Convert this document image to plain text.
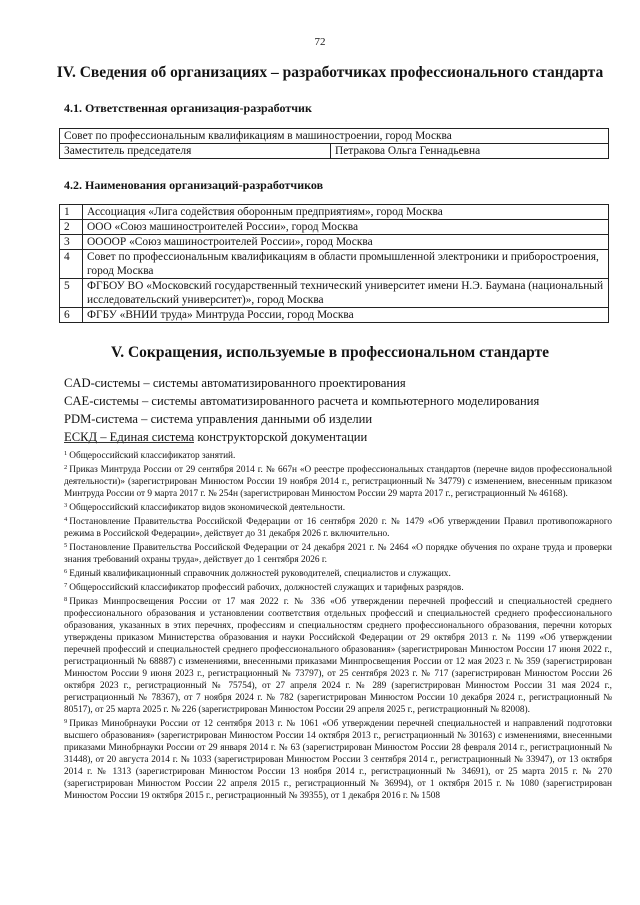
72
IV. Сведения об организациях – разработчиках профессионального стандарта
4.1. Ответственная организация-разработчик
Совет по профессиональным квалификациям в машиностроении, город Москва
Заместитель председателя	Петракова Ольга Геннадьевна
4.2. Наименования организаций-разработчиков
1	Ассоциация «Лига содействия оборонным предприятиям», город Москва
2	ООО «Союз машиностроителей России», город Москва
3	ООООР «Союз машиностроителей России», город Москва
4	Совет по профессиональным квалификациям в области промышленной электроники и приборостроения, город Москва
5	ФГБОУ ВО «Московский государственный технический университет имени Н.Э. Баумана (национальный исследовательский университет)», город Москва
6	ФГБУ «ВНИИ труда» Минтруда России, город Москва
V. Сокращения, используемые в профессиональном стандарте
CAD-системы – системы автоматизированного проектирования
CAE-системы – системы автоматизированного расчета и компьютерного моделирования
PDM-система – система управления данными об изделии
ЕСКД – Единая система конструкторской документации

$^1$ Общероссийский классификатор занятий.

$^2$ Приказ Минтруда России от 29 сентября 2014 г. № 667н «О реестре профессиональных стандартов (перечне видов профессиональной деятельности)» (зарегистрирован Минюстом России 19 ноября 2014 г., регистрационный № 34779) с изменением, внесенным приказом Минтруда России от 9 марта 2017 г. № 254н (зарегистрирован Минюстом России 29 марта 2017 г., регистрационный № 46168).

$^3$ Общероссийский классификатор видов экономической деятельности.

$^4$ Постановление Правительства Российской Федерации от 16 сентября 2020 г. № 1479 «Об утверждении Правил противопожарного режима в Российской Федерации», действует до 31 декабря 2026 г. включительно.

$^5$ Постановление Правительства Российской Федерации от 24 декабря 2021 г. № 2464 «О порядке обучения по охране труда и проверки знания требований охраны труда», действует до 1 сентября 2026 г.

$^6$ Единый квалификационный справочник должностей руководителей, специалистов и служащих.

$^7$ Общероссийский классификатор профессий рабочих, должностей служащих и тарифных разрядов.

$^8$ Приказ Минпросвещения России от 17 мая 2022 г. № 336 «Об утверждении перечней профессий и специальностей среднего профессионального образования и установлении соответствия отдельных профессий и специальностей среднего профессионального образования, указанных в этих перечнях, профессиям и специальностям среднего профессионального образования, перечни которых утверждены приказом Министерства образования и науки Российской Федерации от 29 октября 2013 г. № 1199 «Об утверждении перечней профессий и специальностей среднего профессионального образования» (зарегистрирован Минюстом России 17 июня 2022 г., регистрационный № 68887) с изменениями, внесенными приказами Минпросвещения России от 12 мая 2023 г. № 359 (зарегистрирован Минюстом России 9 июня 2023 г., регистрационный № 73797), от 25 сентября 2023 г. № 717 (зарегистрирован Минюстом России 26 октября 2023 г., регистрационный № 75754), от 27 апреля 2024 г. № 289 (зарегистрирован Минюстом России 31 мая 2024 г., регистрационный № 78367), от 7 ноября 2024 г. № 782 (зарегистрирован Минюстом России 10 декабря 2024 г., регистрационный № 80517), от 25 марта 2025 г. № 226 (зарегистрирован Минюстом России 29 апреля 2025 г., регистрационный № 82008).

$^9$ Приказ Минобрнауки России от 12 сентября 2013 г. № 1061 «Об утверждении перечней специальностей и направлений подготовки высшего образования» (зарегистрирован Минюстом России 14 октября 2013 г., регистрационный № 30163) с изменениями, внесенными приказами Минобрнауки России от 29 января 2014 г. № 63 (зарегистрирован Минюстом России 28 февраля 2014 г., регистрационный № 31448), от 20 августа 2014 г. № 1033 (зарегистрирован Минюстом России 3 сентября 2014 г., регистрационный № 33947), от 13 октября 2014 г. № 1313 (зарегистрирован Минюстом России 13 ноября 2014 г., регистрационный № 34691), от 25 марта 2015 г. № 270 (зарегистрирован Минюстом России 22 апреля 2015 г., регистрационный № 36994), от 1 октября 2015 г. № 1080 (зарегистрирован Минюстом России 19 октября 2015 г., регистрационный № 39355), от 1 декабря 2016 г. № 1508
